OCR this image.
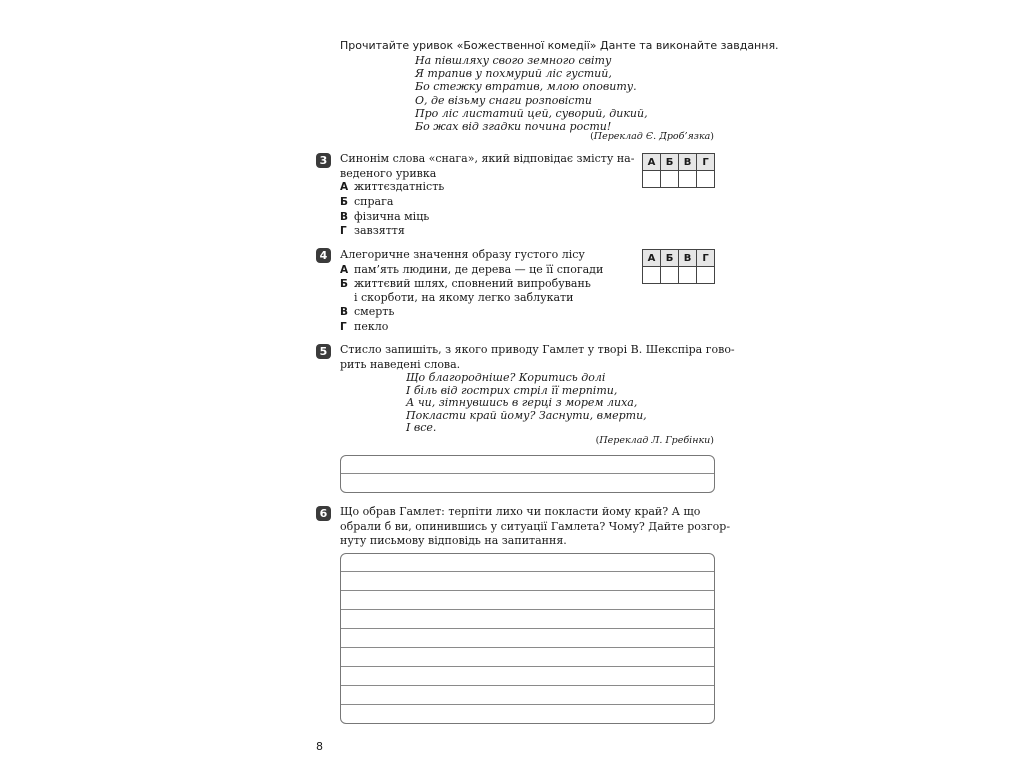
Прочитайте уривок «Божественної комедії» Данте та виконайте завдання.
На півшляху свого земного світу
Я трапив у похмурий ліс густий,
Бо стежку втратив, млою оповиту.
О, де візьму снаги розповісти
Про ліс листатий цей, суворий, дикий,
Бо жах від згадки почина рости!
(Переклад Є. Дроб’язка)
3	Синонім слова «снага», який відповідає змісту на-
веденого уривка
А життєздатність
Б спрага
В фізична міць
Г завзяття
А	Б	В	Г

4	Алегоричне значення образу густого лісу
А пам’ять людини, де дерева — це її спогади
Б життєвий шлях, сповнений випробувань
і скорботи, на якому легко заблукати
В смерть
Г пекло
А	Б	В	Г

5	Стисло запишіть, з якого приводу Гамлет у творі В. Шекспіра гово-
рить наведені слова.
Що благороднішe? Коритись долі
І біль від гострих стріл її терпіти,
А чи, зітнувшись в герці з морем лиха,
Покласти край йому? Заснути, вмерти,
І все.
(Переклад Л. Гребінки)
6	Що обрав Гамлет: терпіти лихо чи покласти йому край? А що
обрали б ви, опинившись у ситуації Гамлета? Чому? Дайте розгор-
нуту письмову відповідь на запитання.
8
